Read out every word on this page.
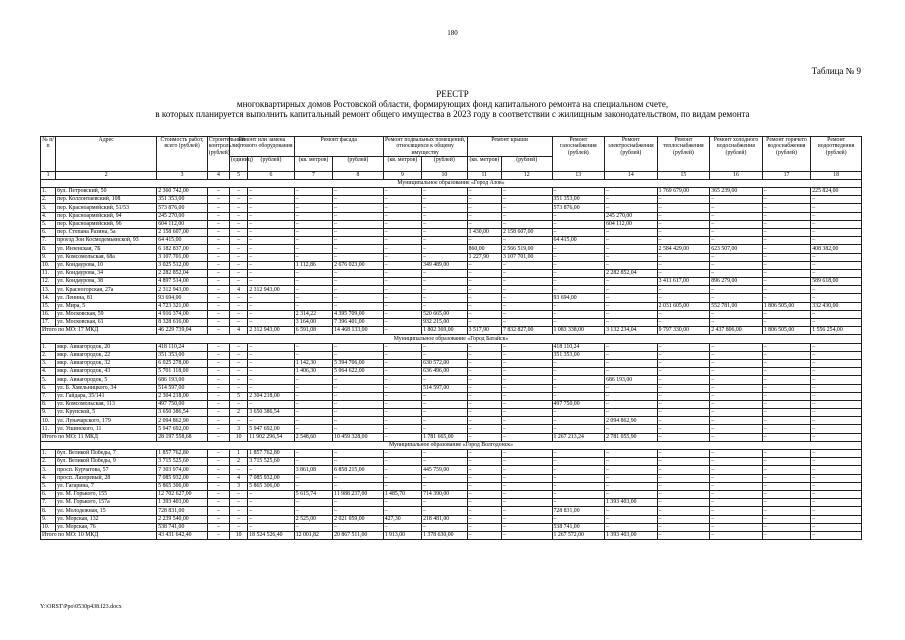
180
Таблица № 9
РЕЕСТР
многоквартирных домов Ростовской области, формирующих фонд капитального ремонта на специальном счете,
в которых планируется выполнить капитальный ремонт общего имущества в 2023 году в соответствии с жилищным законодательством, по видам ремонта
№ п/п	Адрес	Стоимость работ, всего (рублей)	Строительный контроль (рублей)	Ремонт или замена лифтового оборудования		Ремонт фасада		Ремонт подвальных помещений, относящихся к общему имуществу		Ремонт крыши		Ремонт газоснабжения (рублей)	Ремонт электроснабжения (рублей)	Ремонт теплоснабжения (рублей)	Ремонт холодного водоснабжения (рублей)	Ремонт горячего водоснабжения (рублей)	Ремонт водоотведения (рублей)
				(единиц)	(рублей)	(кв. метров)	(рублей)	(кв. метров)	(рублей)	(кв. метров)	(рублей)						
1	2	3	4	5	6	7	8	9	10	11	12	13	14	15	16	17	18
Муниципальное образование «Город Азов»																	
1.	бул. Петровский, 50	2 360 742,00	–	–	–	–	–	–	–	–	–	–	–	1 769 679,00	365 239,00	–	225 824,00
2.	пер. Коллонтаевский, 108	351 353,00	–	–	–	–	–	–	–	–	–	351 353,00	–	–	–	–	–
3.	пер. Красноармейский, 51/53	573 876,00	–	–	–	–	–	–	–	–	–	573 876,00	–	–	–	–	–
4.	пер. Красноармейский, 94	245 270,00	–	–	–	–	–	–	–	–	–	–	245 270,00	–	–	–	–
5.	пер. Красноармейский, 96	604 112,00	–	–	–	–	–	–	–	–	–	–	604 112,00	–	–	–	–
6.	пер. Степана Разина, 5а	2 158 607,00	–	–	–	–	–	–	–	1 430,00	2 158 607,00	–	–	–	–	–	–
7.	проезд Зои Космодемьянской, 93	64 415,00	–	–	–	–	–	–	–	–	–	64 415,00	–	–	–	–	–
8.	ул. Инзенская, 7Б	6 182 837,00	–	–	–	–	–	–	–	860,00	2 566 519,00	–	–	2 584 429,00	623 507,00	–	408 382,00
9.	ул. Комсомольская, 68а	3 107 701,00	–	–	–	–	–	–	–	1 227,90	3 107 701,00	–	–	–	–	–	–
10.	ул. Кондаурова, 10	3 025 512,00	–	–	–	1 112,86	2 676 023,00	–	349 489,00	–	–	–	–	–	–	–	–
11.	ул. Кондаурова, 34	2 282 852,04	–	–	–	–	–	–	–	–	–	–	2 282 852,04	–	–	–	–
12.	ул. Кондаурова, 38	4 897 514,00	–	–	–	–	–	–	–	–	–	–	–	3 411 617,00	896 279,00	–	589 618,00
13.	ул. Красногорская, 27а	2 312 943,00	–	4	2 312 943,00	–	–	–	–	–	–	–	–	–	–	–	–
14.	ул. Ленина, 81	93 694,00	–	–	–	–	–	–	–	–	–	93 694,00	–	–	–	–	–
15.	ул. Мира, 5	4 723 321,00	–	–	–	–	–	–	–	–	–	–	–	2 031 605,00	552 781,00	1 806 505,00	332 430,00
16.	ул. Московская, 59	4 916 374,00	–	–	–	2 314,22	4 395 709,00	–	520 665,00	–	–	–	–	–	–	–	–
17.	ул. Московская, 61	8 328 616,00	–	–	–	3 164,00	7 396 401,00	–	932 215,00	–	–	–	–	–	–	–	–
Итого по МО: 17 МКД		46 229 739,04	–	4	2 312 943,00	6 591,08	14 468 133,00	–	1 802 369,00	3 517,90	7 832 827,00	1 083 338,00	3 132 234,04	9 797 330,00	2 437 806,00	1 806 505,00	1 556 254,00
Муниципальное образование «Город Батайск»																	
1.	мкр. Авиагородок, 20	418 110,24	–	–	–	–	–	–	–	–	–	418 110,24	–	–	–	–	–
2.	мкр. Авиагородок, 22	351 353,00	–	–	–	–	–	–	–	–	–	351 353,00	–	–	–	–	–
3.	мкр. Авиагородок, 32	6 025 278,00	–	–	–	1 142,30	5 394 706,00	–	630 572,00	–	–	–	–	–	–	–	–
4.	мкр. Авиагородок, 43	5 701 118,00	–	–	–	1 406,30	5 064 622,00	–	636 496,00	–	–	–	–	–	–	–	–
5.	мкр. Авиагородок, 5	686 193,00	–	–	–	–	–	–	–	–	–	–	686 193,00	–	–	–	–
6.	ул. Б. Хмельницкого, 34	514 597,00	–	–	–	–	–	–	514 597,00	–	–	–	–	–	–	–	–
7.	ул. Гайдара, 35/141	2 304 218,00	–	5	2 304 218,00	–	–	–	–	–	–	–	–	–	–	–	–
8.	ул. Комсомольская, 113	497 750,00	–	–	–	–	–	–	–	–	–	497 750,00	–	–	–	–	–
9.	ул. Крупской, 5	3 650 386,54	–	2	3 650 386,54	–	–	–	–	–	–	–	–	–	–	–	–
10.	ул. Луначарского, 179	2 094 862,90	–	–	–	–	–	–	–	–	–	–	2 094 862,90	–	–	–	–
11.	ул. Ушинского, 11	5 947 692,00	–	3	5 947 692,00	–	–	–	–	–	–	–	–	–	–	–	–
Итого по МО: 11 МКД		28 197 558,68	–	10	11 902 296,54	2 548,60	10 459 328,00	–	1 781 665,00	–	–	1 267 213,24	2 781 055,90	–	–	–	–
Муниципальное образование «Город Волгодонск»																	
1.	бул. Великой Победы, 7	1 857 762,80	–	1	1 857 762,80	–	–	–	–	–	–	–	–	–	–	–	–
2.	бул. Великой Победы, 9	3 715 525,60	–	2	3 715 525,60	–	–	–	–	–	–	–	–	–	–	–	–
3.	просп. Курчатова, 57	7 303 974,00	–	–	–	3 861,08	6 858 215,00	–	445 759,00	–	–	–	–	–	–	–	–
4.	просп. Лазоревый, 28	7 085 932,00	–	4	7 085 932,00	–	–	–	–	–	–	–	–	–	–	–	–
5.	ул. Гагарина, 7	5 865 306,00	–	3	5 865 306,00	–	–	–	–	–	–	–	–	–	–	–	–
6.	ул. М. Горького, 155	12 702 627,00	–	–	–	5 615,74	11 988 237,00	1 485,70	714 390,00	–	–	–	–	–	–	–	–
7.	ул. М. Горького, 157а	1 393 403,00	–	–	–	–	–	–	–	–	–	–	1 393 403,00	–	–	–	–
8.	ул. Молодежная, 15	728 831,00	–	–	–	–	–	–	–	–	–	728 831,00	–	–	–	–	–
9.	ул. Морская, 132	2 239 540,00	–	–	–	2 525,00	2 021 059,00	427,30	218 481,00	–	–	–	–	–	–	–	–
10.	ул. Морская, 76	538 741,00	–	–	–	–	–	–	–	–	–	538 741,00	–	–	–	–	–
Итого по МО: 10 МКД		43 431 642,40	–	10	18 524 526,40	12 001,82	20 867 511,00	1 913,00	1 378 630,00	–	–	1 267 572,00	1 393 403,00	–	–	–	–
Y:\ORST\Ppo\0530p438.f23.docx
